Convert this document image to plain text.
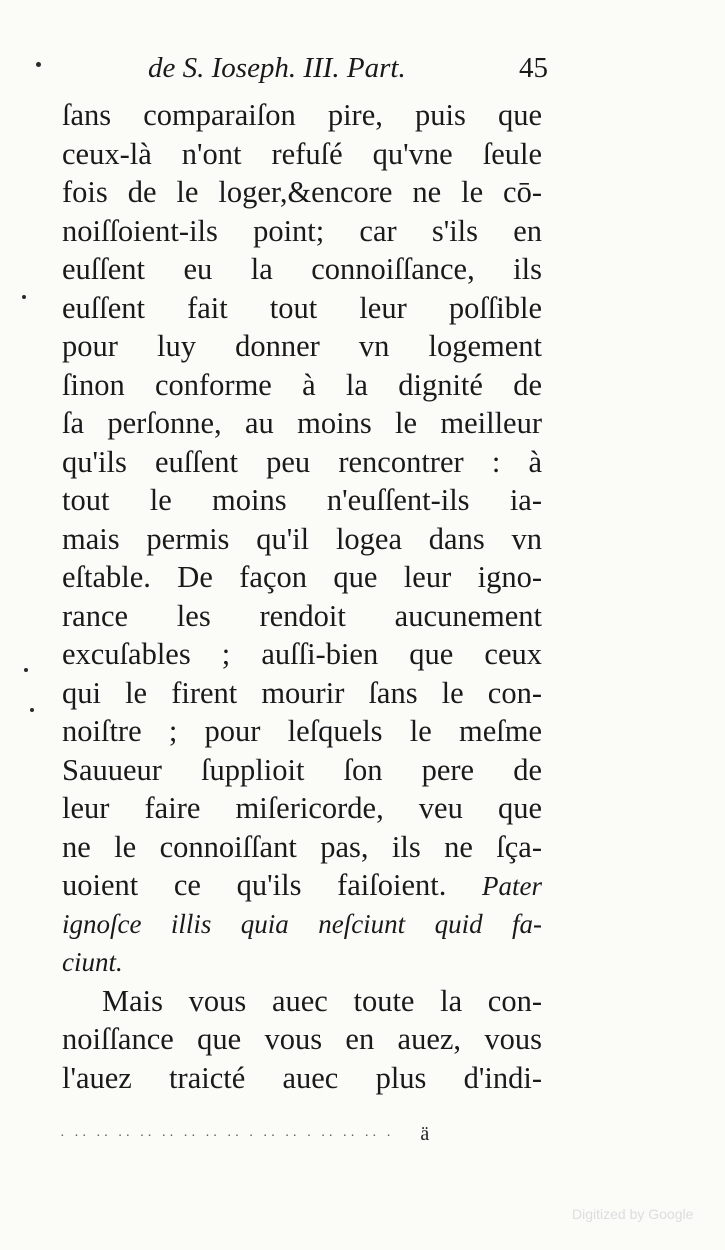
de S. Ioseph. III. Part.	45
ſans comparaiſon pire, puis que
ceux-là n'ont refuſé qu'vne ſeule
fois de le loger,&encore ne le cō-
noiſſoient-ils point; car s'ils en
euſſent eu la connoiſſance, ils
euſſent fait tout leur poſſible
pour luy donner vn logement
ſinon conforme à la dignité de
ſa perſonne, au moins le meilleur
qu'ils euſſent peu rencontrer : à
tout le moins n'euſſent-ils ia-
mais permis qu'il logea dans vn
eſtable. De façon que leur igno-
rance les rendoit aucunement
excuſables ; auſſi-bien que ceux
qui le firent mourir ſans le con-
noiſtre ; pour leſquels le meſme
Sauueur ſupplioit ſon pere de
leur faire miſericorde, veu que
ne le connoiſſant pas, ils ne ſça-
uoient ce qu'ils faiſoient. Pater
ignoſce illis quia neſciunt quid fa-
ciunt.
Mais vous auec toute la con-
noiſſance que vous en auez, vous
l'auez traicté auec plus d'indi-
· ·· ·· ·· ·· ·· ·· ·· ·· · ·· ·· · ·· ·· ·· · ä
Digitized by Google
